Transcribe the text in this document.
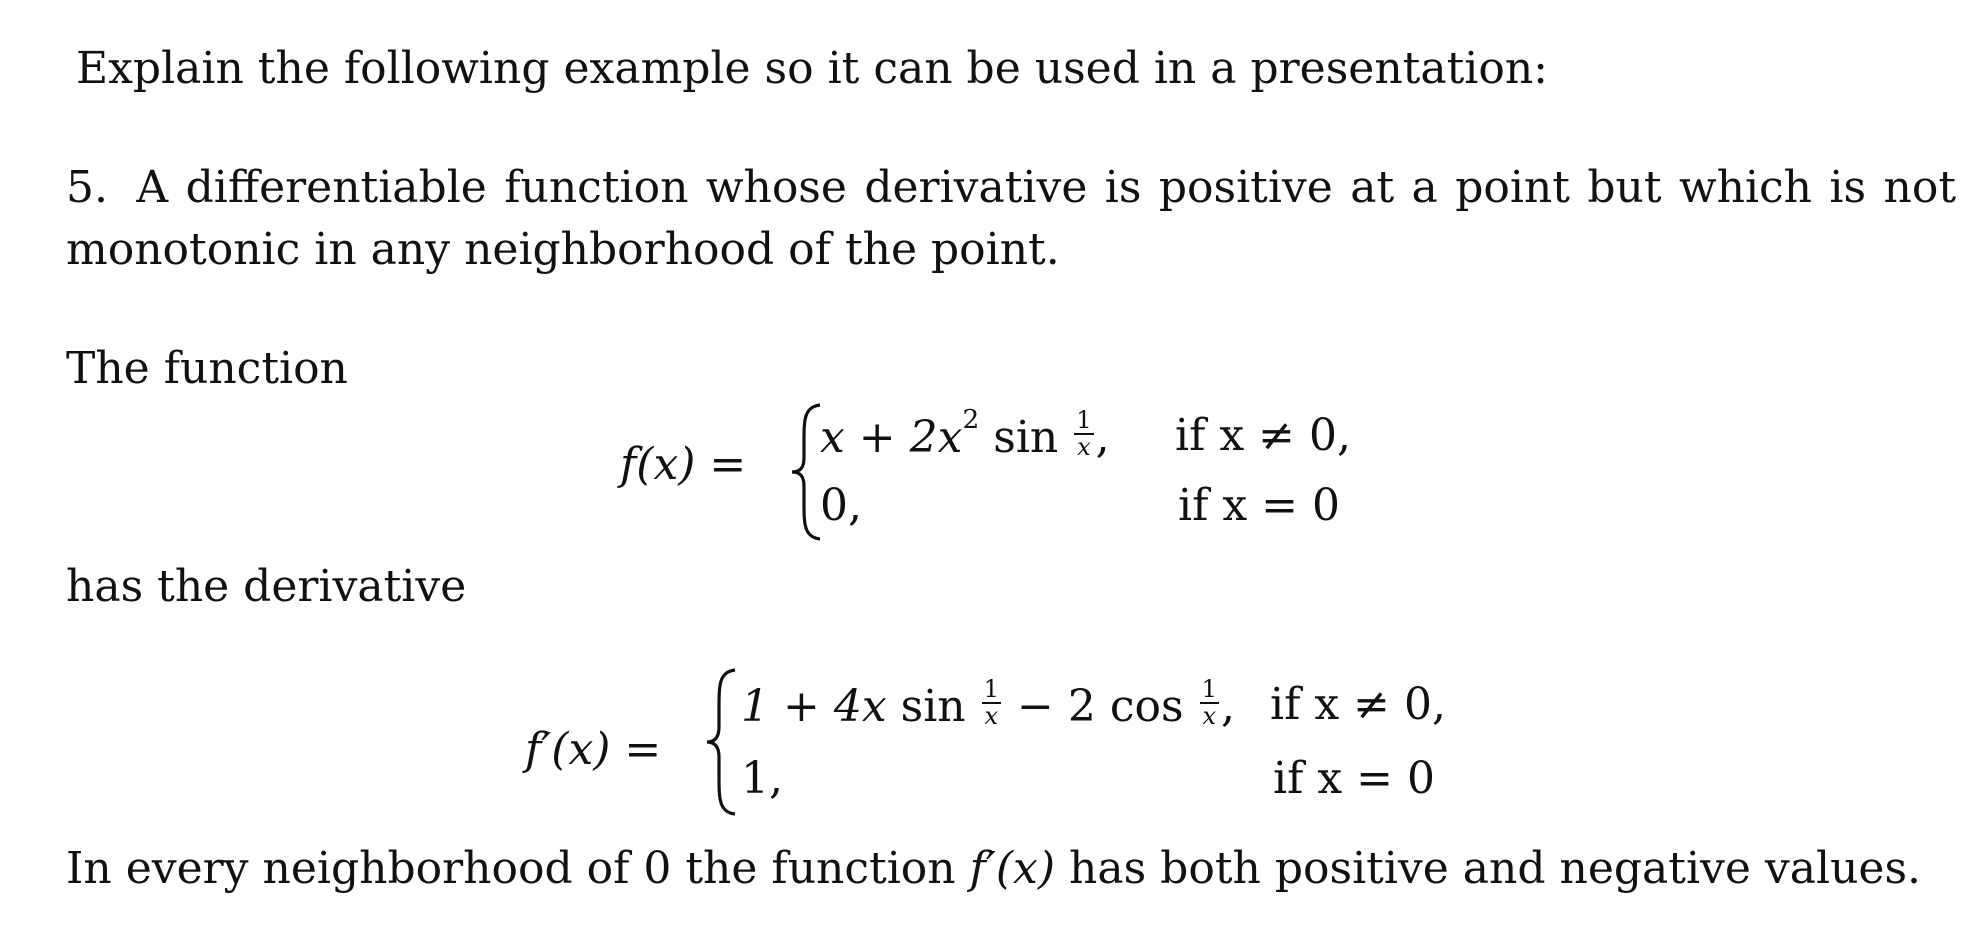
Explain the following example so it can be used in a presentation:
5. A differentiable function whose derivative is positive at a point but which is not monotonic in any neighborhood of the point.
The function
f(x) =
$x + 2x^2$ $\sin \frac{1}{x}$ , if x ≠ 0,
0,	if x = 0
has the derivative
f′(x) =
1 + 4x $\sin \frac{1}{x} - 2$ $\cos \frac{1}{x}$ , if x ≠ 0,
1,	if x = 0
In every neighborhood of 0 the function f′(x) has both positive and negative values.
